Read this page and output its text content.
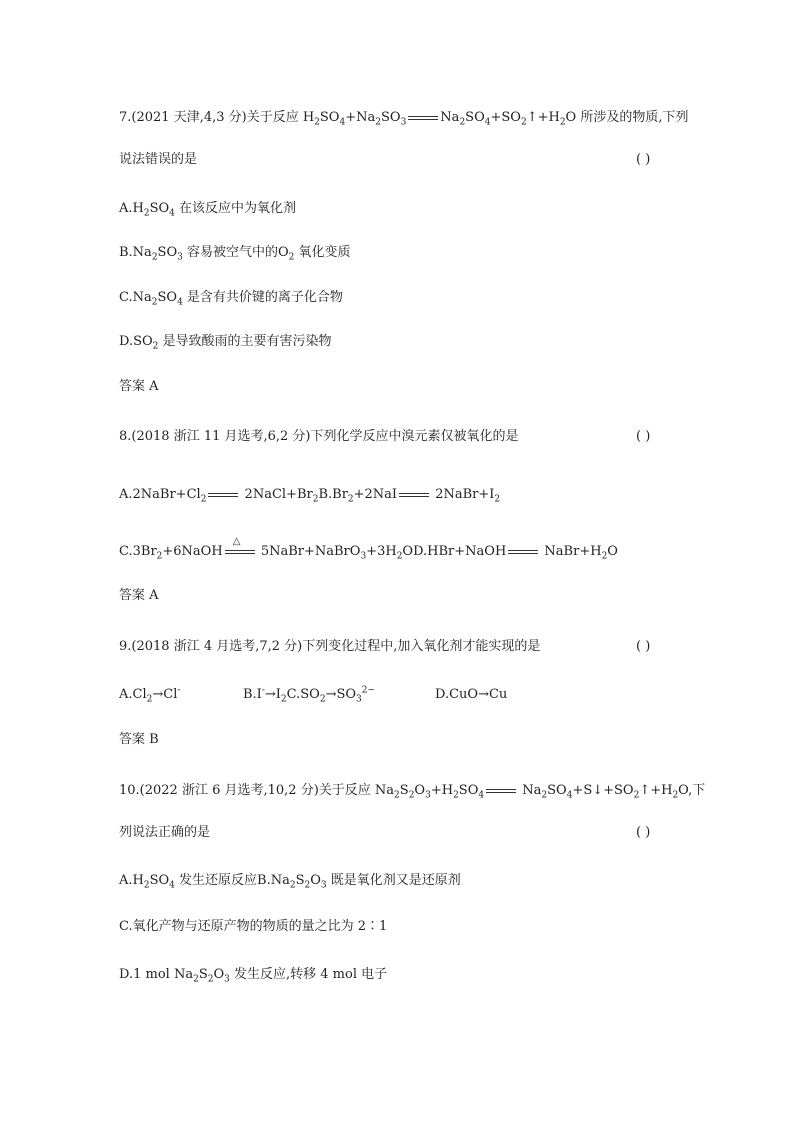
7.(2021 天津,4,3 分)关于反应 $H_2SO_4+Na_2SO_3$	$Na_2SO_4+SO_2↑+H_2O$ 所涉及的物质,下列
说法错误的是	( )
$A.H_2SO_4$ 在该反应中为氧化剂
$B.Na_2SO_3$ 容易被空气中的$O_2$ 氧化变质
$C.Na_2SO_4$ 是含有共价键的离子化合物
$D.SO_2$ 是导致酸雨的主要有害污染物
答案 A
8.(2018 浙江 11 月选考,6,2 分)下列化学反应中溴元素仅被氧化的是	( )
$A.2NaBr+Cl_2$	$2NaCl+Br_2B.Br_2+2NaI$	$2NaBr+I_2$
$C.3Br_2+6NaOH$
△
$5NaBr+NaBrO_3+3H_2OD.HBr+NaOH$	$NaBr+H_2O$
答案 A
9.(2018 浙江 4 月选考,7,2 分)下列变化过程中,加入氧化剂才能实现的是	( )
$A.Cl_2\to Cl^-$	$B.I^-\to I_2C.SO_2\to SO_3^{2-}$	D.CuO→Cu
答案 B
10.(2022 浙江 6 月选考,10,2 分)关于反应 $Na_2S_2O_3+H_2SO_4$	$Na_2SO_4+S↓+SO_2↑+H_2O$,下
列说法正确的是	( )
$A.H_2SO_4$ 发生还原反应$B.Na_2S_2O_3$ 既是氧化剂又是还原剂
C.氧化产物与还原产物的物质的量之比为 2∶1
D.1 mol $Na_2S_2O_3$ 发生反应,转移 4 mol 电子
